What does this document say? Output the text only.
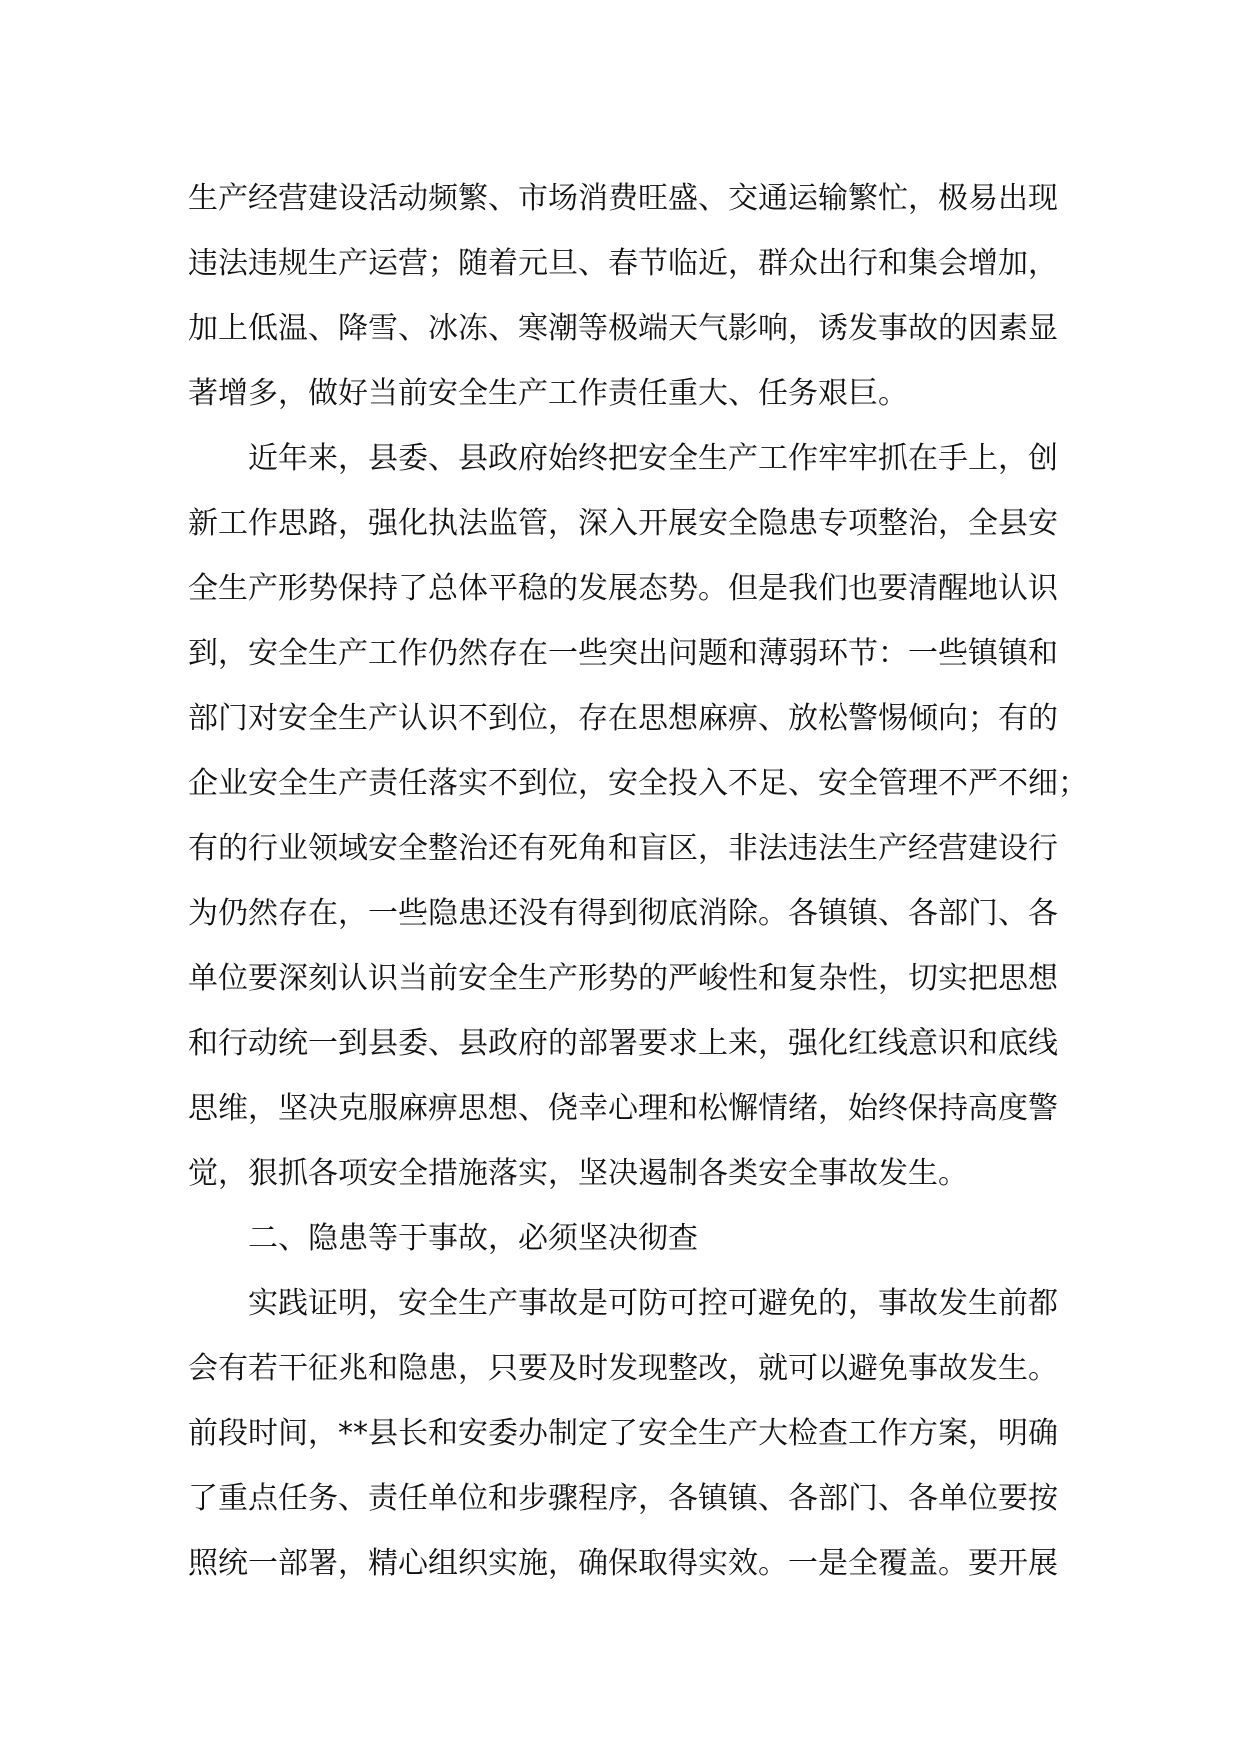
生产经营建设活动频繁、市场消费旺盛、交通运输繁忙，极易出现
违法违规生产运营；随着元旦、春节临近，群众出行和集会增加，
加上低温、降雪、冰冻、寒潮等极端天气影响，诱发事故的因素显
著增多，做好当前安全生产工作责任重大、任务艰巨。
近年来，县委、县政府始终把安全生产工作牢牢抓在手上，创
新工作思路，强化执法监管，深入开展安全隐患专项整治，全县安
全生产形势保持了总体平稳的发展态势。但是我们也要清醒地认识
到，安全生产工作仍然存在一些突出问题和薄弱环节：一些镇镇和
部门对安全生产认识不到位，存在思想麻痹、放松警惕倾向；有的
企业安全生产责任落实不到位，安全投入不足、安全管理不严不细；
有的行业领域安全整治还有死角和盲区，非法违法生产经营建设行
为仍然存在，一些隐患还没有得到彻底消除。各镇镇、各部门、各
单位要深刻认识当前安全生产形势的严峻性和复杂性，切实把思想
和行动统一到县委、县政府的部署要求上来，强化红线意识和底线
思维，坚决克服麻痹思想、侥幸心理和松懈情绪，始终保持高度警
觉，狠抓各项安全措施落实，坚决遏制各类安全事故发生。
二、隐患等于事故，必须坚决彻查
实践证明，安全生产事故是可防可控可避免的，事故发生前都
会有若干征兆和隐患，只要及时发现整改，就可以避免事故发生。
前段时间，**县长和安委办制定了安全生产大检查工作方案，明确
了重点任务、责任单位和步骤程序，各镇镇、各部门、各单位要按
照统一部署，精心组织实施，确保取得实效。一是全覆盖。要开展
